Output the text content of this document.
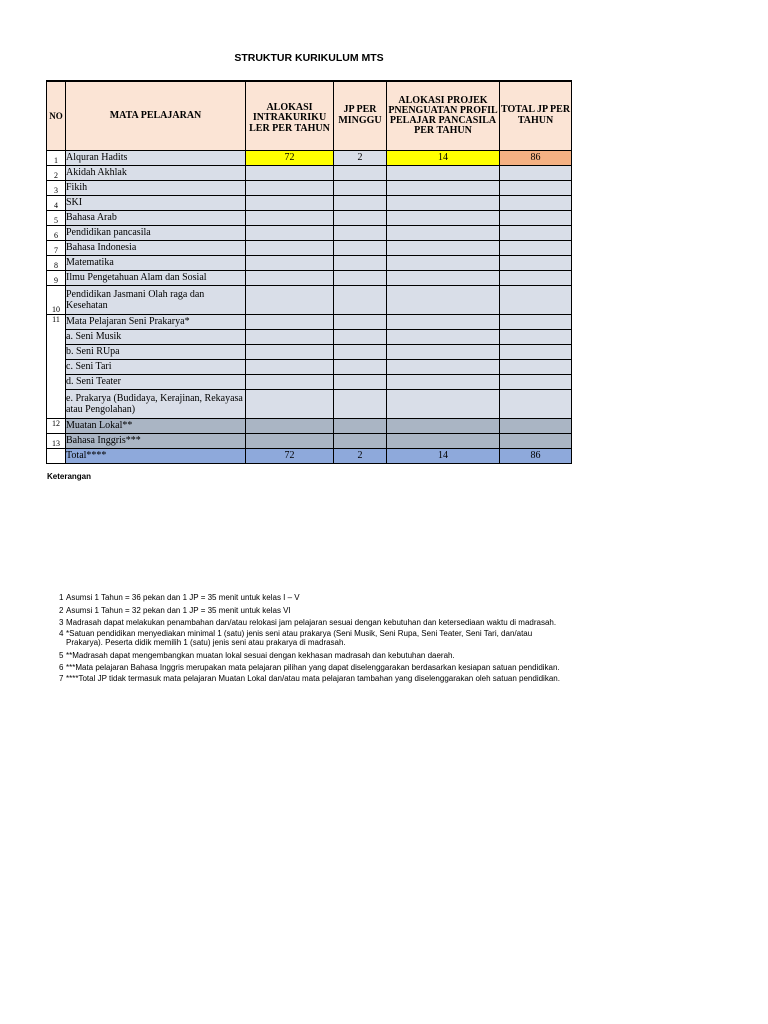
STRUKTUR KURIKULUM MTS
NO	MATA PELAJARAN	ALOKASI INTRAKURIKU LER PER TAHUN	JP PER MINGGU	ALOKASI PROJEK PNENGUATAN PROFIL PELAJAR PANCASILA PER TAHUN	TOTAL JP PER TAHUN
1	Alquran Hadits	72	2	14	86
2	Akidah Akhlak				
3	Fikih				
4	SKI				
5	Bahasa Arab				
6	Pendidikan pancasila				
7	Bahasa Indonesia				
8	Matematika				
9	Ilmu Pengetahuan Alam dan Sosial				
10	Pendidikan Jasmani Olah raga dan Kesehatan				
11	Mata Pelajaran Seni Prakarya*				
	a. Seni Musik				
	b. Seni RUpa				
	c. Seni Tari				
	d. Seni Teater				
	e. Prakarya (Budidaya, Kerajinan, Rekayasa atau Pengolahan)				
12	Muatan Lokal**				
13	Bahasa Inggris***				
	Total****	72	2	14	86
Keterangan
1 Asumsi 1 Tahun = 36 pekan dan 1 JP = 35 menit untuk kelas I – V
2 Asumsi 1 Tahun = 32 pekan dan 1 JP = 35 menit untuk kelas VI
3 Madrasah dapat melakukan penambahan dan/atau relokasi jam pelajaran sesuai dengan kebutuhan dan ketersediaan waktu di madrasah.
4 *Satuan pendidikan menyediakan minimal 1 (satu) jenis seni atau prakarya (Seni Musik, Seni Rupa, Seni Teater, Seni Tari, dan/atau Prakarya). Peserta didik memilih 1 (satu) jenis seni atau prakarya di madrasah.
5 **Madrasah dapat mengembangkan muatan lokal sesuai dengan kekhasan madrasah dan kebutuhan daerah.
6 ***Mata pelajaran Bahasa Inggris merupakan mata pelajaran pilihan yang dapat diselenggarakan berdasarkan kesiapan satuan pendidikan.
7 ****Total JP tidak termasuk mata pelajaran Muatan Lokal dan/atau mata pelajaran tambahan yang diselenggarakan oleh satuan pendidikan.
